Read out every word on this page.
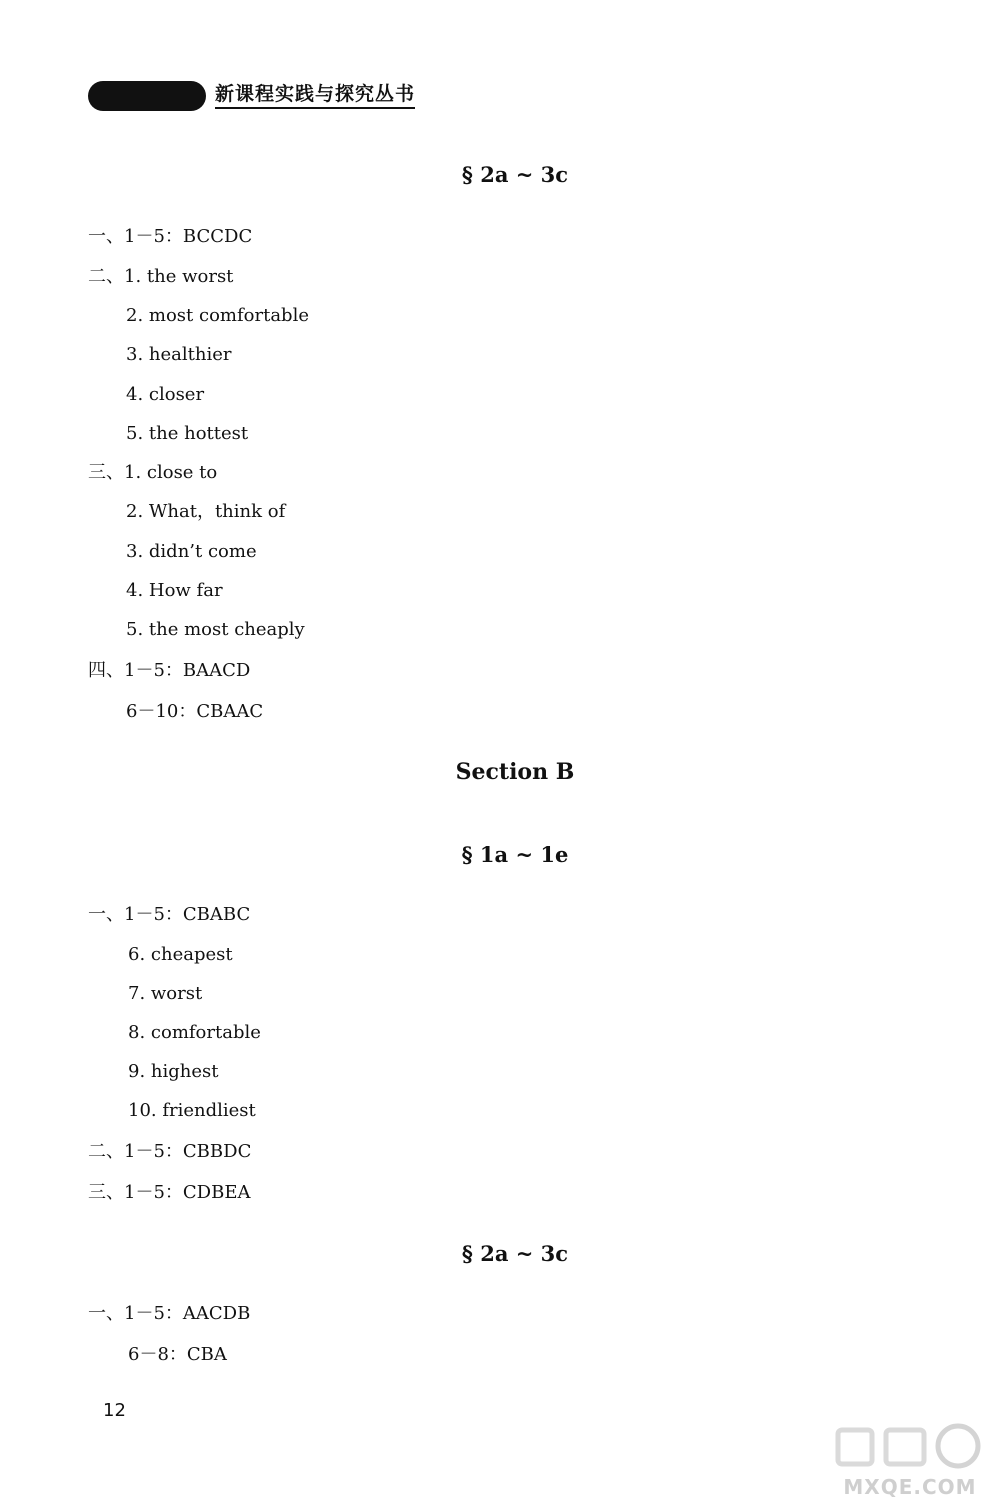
新课程实践与探究丛书
§ 2a ~ 3c
一、1－5：BCCDC
二、1. the worst
2. most comfortable
3. healthier
4. closer
5. the hottest
三、1. close to
2. What，think of
3. didn’t come
4. How far
5. the most cheaply
四、1－5：BAACD
6－10：CBAAC
Section B
§ 1a ~ 1e
一、1－5：CBABC
6. cheapest
7. worst
8. comfortable
9. highest
10. friendliest
二、1－5：CBBDC
三、1－5：CDBEA
§ 2a ~ 3c
一、1－5：AACDB
6－8：CBA
12
MXQE.COM
